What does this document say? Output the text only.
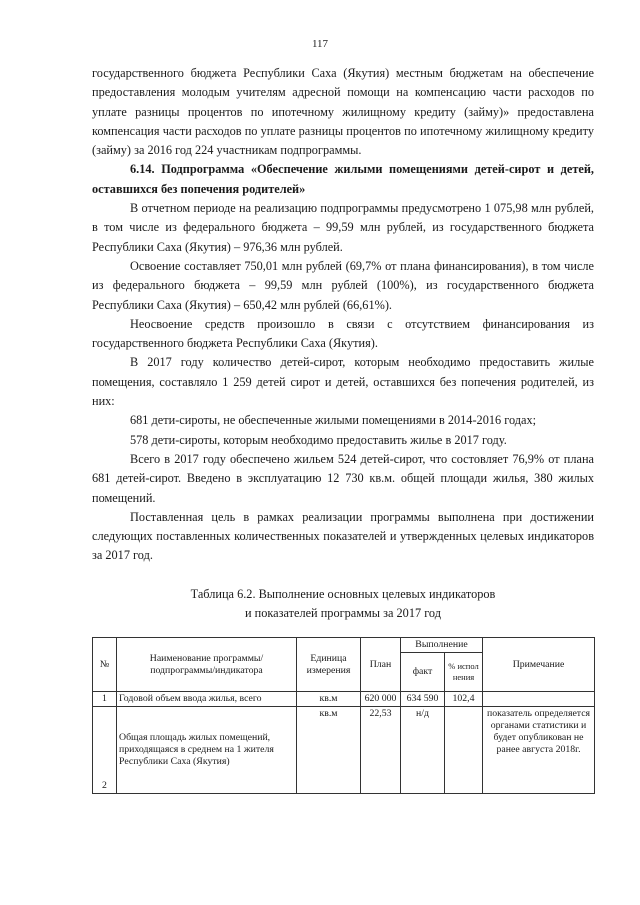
117

государственного бюджета Республики Саха (Якутия) местным бюджетам на обеспечение предоставления молодым учителям адресной помощи на компенсацию части расходов по уплате разницы процентов по ипотечному жилищному кредиту (займу)» предоставлена компенсация части расходов по уплате разницы процентов по ипотечному жилищному кредиту (займу) за 2016 год 224 участникам подпрограммы.

6.14. Подпрограмма «Обеспечение жилыми помещениями детей-сирот и детей, оставшихся без попечения родителей»

В отчетном периоде на реализацию подпрограммы предусмотрено 1 075,98 млн рублей, в том числе из федерального бюджета – 99,59 млн рублей, из государственного бюджета Республики Саха (Якутия) – 976,36 млн рублей.

Освоение составляет 750,01 млн рублей (69,7% от плана финансирования), в том числе из федерального бюджета – 99,59 млн рублей (100%), из государственного бюджета Республики Саха (Якутия) – 650,42 млн рублей (66,61%).

Неосвоение средств произошло в связи с отсутствием финансирования из государственного бюджета Республики Саха (Якутия).

В 2017 году количество детей-сирот, которым необходимо предоставить жилые помещения, составляло 1 259 детей сирот и детей, оставшихся без попечения родителей, из них:

681 дети-сироты, не обеспеченные жилыми помещениями в 2014-2016 годах;

578 дети-сироты, которым необходимо предоставить жилье в 2017 году.

Всего в 2017 году обеспечено жильем 524 детей-сирот, что состовляет 76,9% от плана 681 детей-сирот. Введено в эксплуатацию 12 730 кв.м. общей площади жилья, 380 жилых помещений.

Поставленная цель в рамках реализации программы выполнена при достижении следующих поставленных количественных показателей и утвержденных целевых индикаторов за 2017 год.

Таблица 6.2. Выполнение основных целевых индикаторов
и показателей программы за 2017 год
№	Наименование программы/ подпрограммы/индикатора	Единица измерения	План	Выполнение		Примечание
				факт	% испол нения	
1	Годовой объем ввода жилья, всего	кв.м	620 000	634 590	102,4	
2	Общая площадь жилых помещений, приходящаяся в среднем на 1 жителя Республики Саха (Якутия)	кв.м	22,53	н/д		показатель определяется органами статистики и будет опубликован не ранее августа 2018г.
